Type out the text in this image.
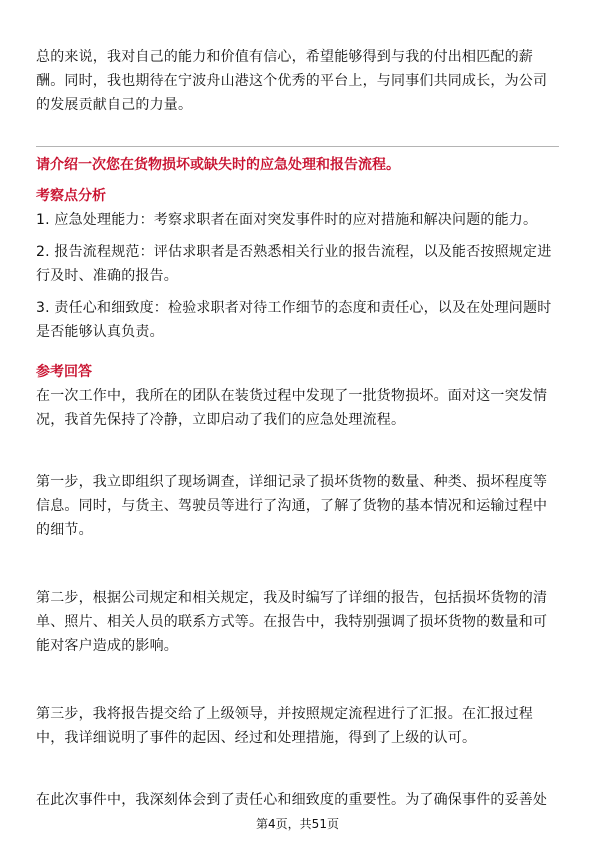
总的来说，我对自己的能力和价值有信心，希望能够得到与我的付出相匹配的薪酬。同时，我也期待在宁波舟山港这个优秀的平台上，与同事们共同成长，为公司的发展贡献自己的力量。

请介绍一次您在货物损坏或缺失时的应急处理和报告流程。

考察点分析

1. 应急处理能力：考察求职者在面对突发事件时的应对措施和解决问题的能力。

2. 报告流程规范：评估求职者是否熟悉相关行业的报告流程，以及能否按照规定进行及时、准确的报告。

3. 责任心和细致度：检验求职者对待工作细节的态度和责任心，以及在处理问题时是否能够认真负责。

参考回答

在一次工作中，我所在的团队在装货过程中发现了一批货物损坏。面对这一突发情况，我首先保持了冷静，立即启动了我们的应急处理流程。

第一步，我立即组织了现场调查，详细记录了损坏货物的数量、种类、损坏程度等信息。同时，与货主、驾驶员等进行了沟通，了解了货物的基本情况和运输过程中的细节。

第二步，根据公司规定和相关规定，我及时编写了详细的报告，包括损坏货物的清单、照片、相关人员的联系方式等。在报告中，我特别强调了损坏货物的数量和可能对客户造成的影响。

第三步，我将报告提交给了上级领导，并按照规定流程进行了汇报。在汇报过程中，我详细说明了事件的起因、经过和处理措施，得到了上级的认可。

在此次事件中，我深刻体会到了责任心和细致度的重要性。为了确保事件的妥善处

第4页，共51页
